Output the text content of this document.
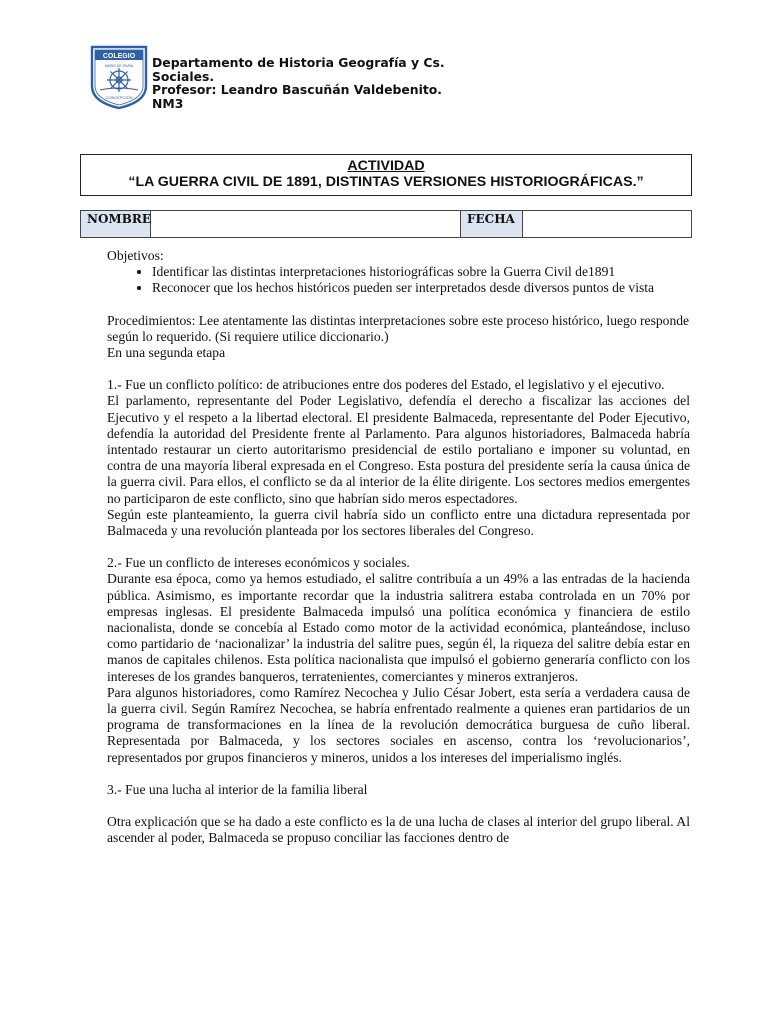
COLEGIO
MARIO DE IRUÑA
CONCEPCIÓN
Departamento de Historia Geografía y Cs.
Sociales.
Profesor: Leandro Bascuñán Valdebenito.
NM3
ACTIVIDAD
“LA GUERRA CIVIL DE 1891, DISTINTAS VERSIONES HISTORIOGRÁFICAS.”
NOMBRE	FECHA

Objetivos:

• Identificar las distintas interpretaciones historiográficas sobre la Guerra Civil de1891
• Reconocer que los hechos históricos pueden ser interpretados desde diversos puntos de vista

Procedimientos: Lee atentamente las distintas interpretaciones sobre este proceso histórico, luego responde según lo requerido. (Si requiere utilice diccionario.)

En una segunda etapa

1.- Fue un conflicto político: de atribuciones entre dos poderes del Estado, el legislativo y el ejecutivo.

El parlamento, representante del Poder Legislativo, defendía el derecho a fiscalizar las acciones del Ejecutivo y el respeto a la libertad electoral. El presidente Balmaceda, representante del Poder Ejecutivo, defendía la autoridad del Presidente frente al Parlamento. Para algunos historiadores, Balmaceda habría intentado restaurar un cierto autoritarismo presidencial de estilo portaliano e imponer su voluntad, en contra de una mayoría liberal expresada en el Congreso. Esta postura del presidente sería la causa única de la guerra civil. Para ellos, el conflicto se da al interior de la élite dirigente. Los sectores medios emergentes no participaron de este conflicto, sino que habrían sido meros espectadores.

Según este planteamiento, la guerra civil habría sido un conflicto entre una dictadura representada por Balmaceda y una revolución planteada por los sectores liberales del Congreso.

2.- Fue un conflicto de intereses económicos y sociales.

Durante esa época, como ya hemos estudiado, el salitre contribuía a un 49% a las entradas de la hacienda pública. Asimismo, es importante recordar que la industria salitrera estaba controlada en un 70% por empresas inglesas. El presidente Balmaceda impulsó una política económica y financiera de estilo nacionalista, donde se concebía al Estado como motor de la actividad económica, planteándose, incluso como partidario de ‘nacionalizar’ la industria del salitre pues, según él, la riqueza del salitre debía estar en manos de capitales chilenos. Esta política nacionalista que impulsó el gobierno generaría conflicto con los intereses de los grandes banqueros, terratenientes, comerciantes y mineros extranjeros.

Para algunos historiadores, como Ramírez Necochea y Julio César Jobert, esta sería a verdadera causa de la guerra civil. Según Ramírez Necochea, se habría enfrentado realmente a quienes eran partidarios de un programa de transformaciones en la línea de la revolución democrática burguesa de cuño liberal. Representada por Balmaceda, y los sectores sociales en ascenso, contra los ‘revolucionarios’, representados por grupos financieros y mineros, unidos a los intereses del imperialismo inglés.

3.- Fue una lucha al interior de la familia liberal

Otra explicación que se ha dado a este conflicto es la de una lucha de clases al interior del grupo liberal. Al ascender al poder, Balmaceda se propuso conciliar las facciones dentro de
